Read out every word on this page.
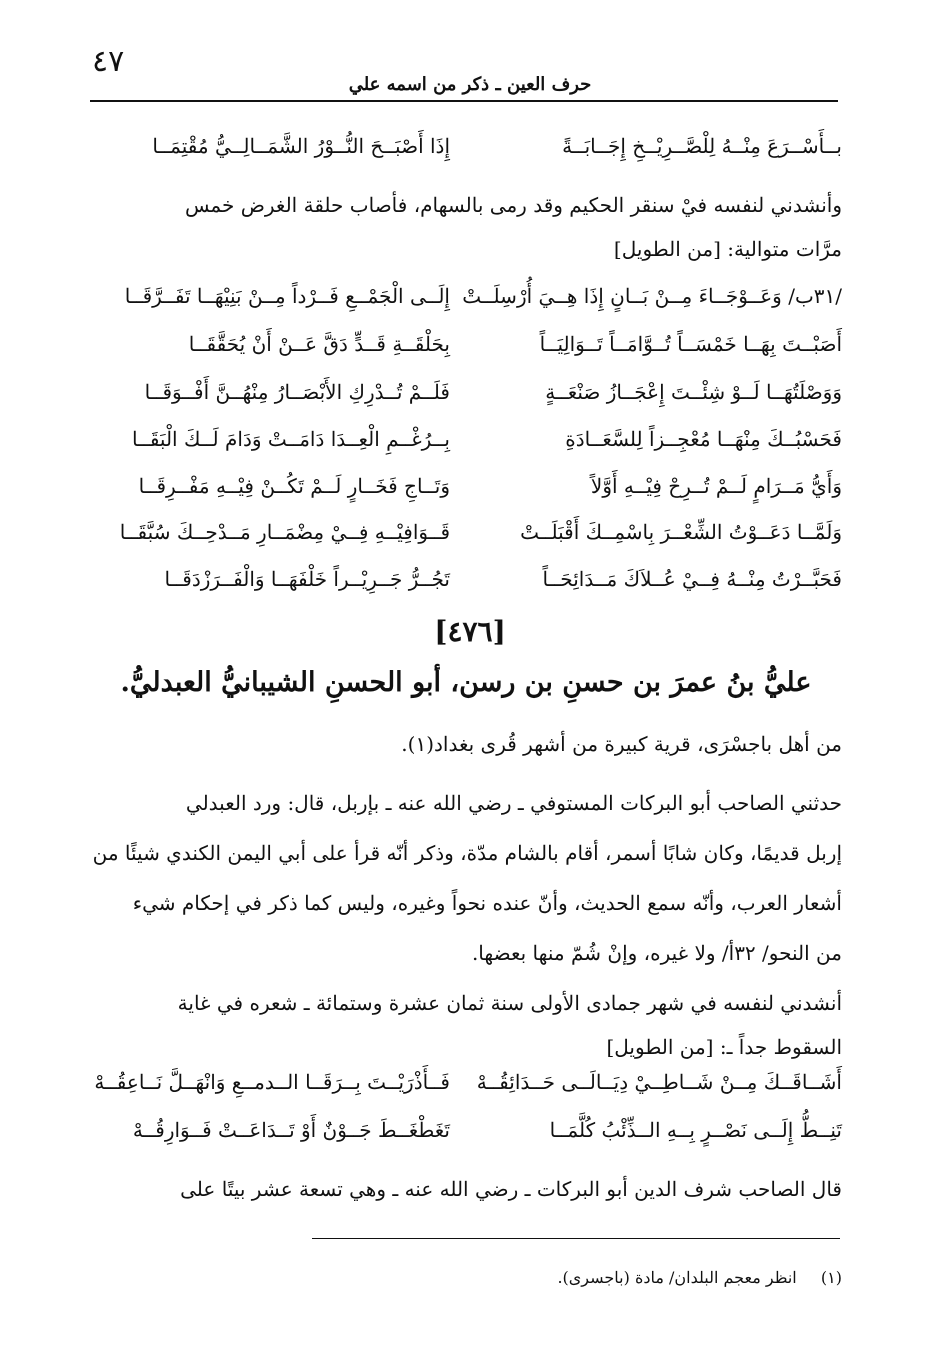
٤٧
حرف العين ـ ذكر من اسمه علي
بــأَسْــرَعَ مِنْــهُ لِلْصَّــرِيْــخِ إِجَــابَــةً
إِذَا أَصْبَــحَ النُّــوْرُ الشَّمَــالِــيُّ مُقْتِمَــا
وأنشدني لنفسه فيْ سنقر الحكيم وقد رمى بالسهام، فأصاب حلقة الغرض خمس
مرَّات متوالية: [من الطويل]
/٣١ب/ وَعَــوْجَــاءَ مِــنْ بَــانٍ إِذَا هِــيَ أُرْسِلَــتْ
إِلَــى الْجَمْــعِ فَــرْداً مِــنْ بَنِيْهَــا تَفَــرَّقَــا
أَصَبْــتَ بِهَــا خَمْسَــاً تُــوَّامَــاً تَــوَالِيَــاً
بِحَلْقَــةِ قَــدٍّ دَقَّ عَــنْ أَنْ يُحَقَّقَــا
وَوَصْلَتُهَــا لَــوْ شِئْــتَ إِعْجَــازُ صَنْعَــةٍ
فَلَــمْ تُــدْرِكِ الأَبْصَــارُ مِنْهُــنَّ أَفْــوَقَــا
فَحَسْبُــكَ مِنْهَــا مُعْجِــزاً لِلسَّعَــادَةِ
بِــرُغْــمِ الْعِــدَا دَامَــتْ وَدَامَ لَــكَ الْبَقَــا
وَأَيُّ مَــرَامٍ لَــمْ تُــرِحْ فِيْــهِ أَوَّلاً
وَتَــاجِ فَخَــارٍ لَــمْ تَكُــنْ فِيْــهِ مَفْــرِقَــا
وَلَمَّــا دَعَــوْتُ الشِّعْــرَ بِاسْمِــكَ أَقْبَلَــتْ
قَــوَافِيْــهِ فِــيْ مِضْمَــارِ مَــدْحِــكَ سُبَّقَــا
فَحَبَّــرْتُ مِنْــهُ فِــيْ عُــلاَكَ مَــدَائِحَــاً
تَجُــرُّ جَــرِيْــراً خَلْفَهَــا وَالْفَــرَزْدَقَــا
[٤٧٦]
عليُّ بنُ عمرَ بن حسنِ بن رسن، أبو الحسنِ الشيبانيُّ العبدليُّ.
من أهل باجسْرَى، قرية كبيرة من أشهر قُرى بغداد(١).
حدثني الصاحب أبو البركات المستوفي ـ رضي الله عنه ـ بإربل، قال: ورد العبدلي
إربل قديمًا، وكان شابًا أسمر، أقام بالشام مدّة، وذكر أنّه قرأ على أبي اليمن الكندي شيئًا من
أشعار العرب، وأنّه سمع الحديث، وأنّ عنده نحواً وغيره، وليس كما ذكر في إحكام شيء
من النحو/ ٣٢أ/ ولا غيره، وإنْ شُمّ منها بعضها.
أنشدني لنفسه في شهر جمادى الأولى سنة ثمان عشرة وستمائة ـ شعره في غاية
السقوط جداً ـ: [من الطويل]
أَشَــاقَــكَ مِــنْ شَــاطِــيْ دِيَــالَــى حَــدَائِقُــهْ
فَــأَذْرَيْــتَ بِــرَقَــا الــدمــعِ وَانْهَــلَّ نَــاعِقُــهْ
تَنِــطُّ إِلَــى نَصْــرٍ بِــهِ الــذِّئْبُ كُلَّمَــا
تَغَطْغَــطَ جَــوْنٌ أَوْ تَــدَاعَــتْ فَــوَارِقُــهْ
قال الصاحب شرف الدين أبو البركات ـ رضي الله عنه ـ وهي تسعة عشر بيتًا على
(١)  انظر معجم البلدان/ مادة (باجسرى).
